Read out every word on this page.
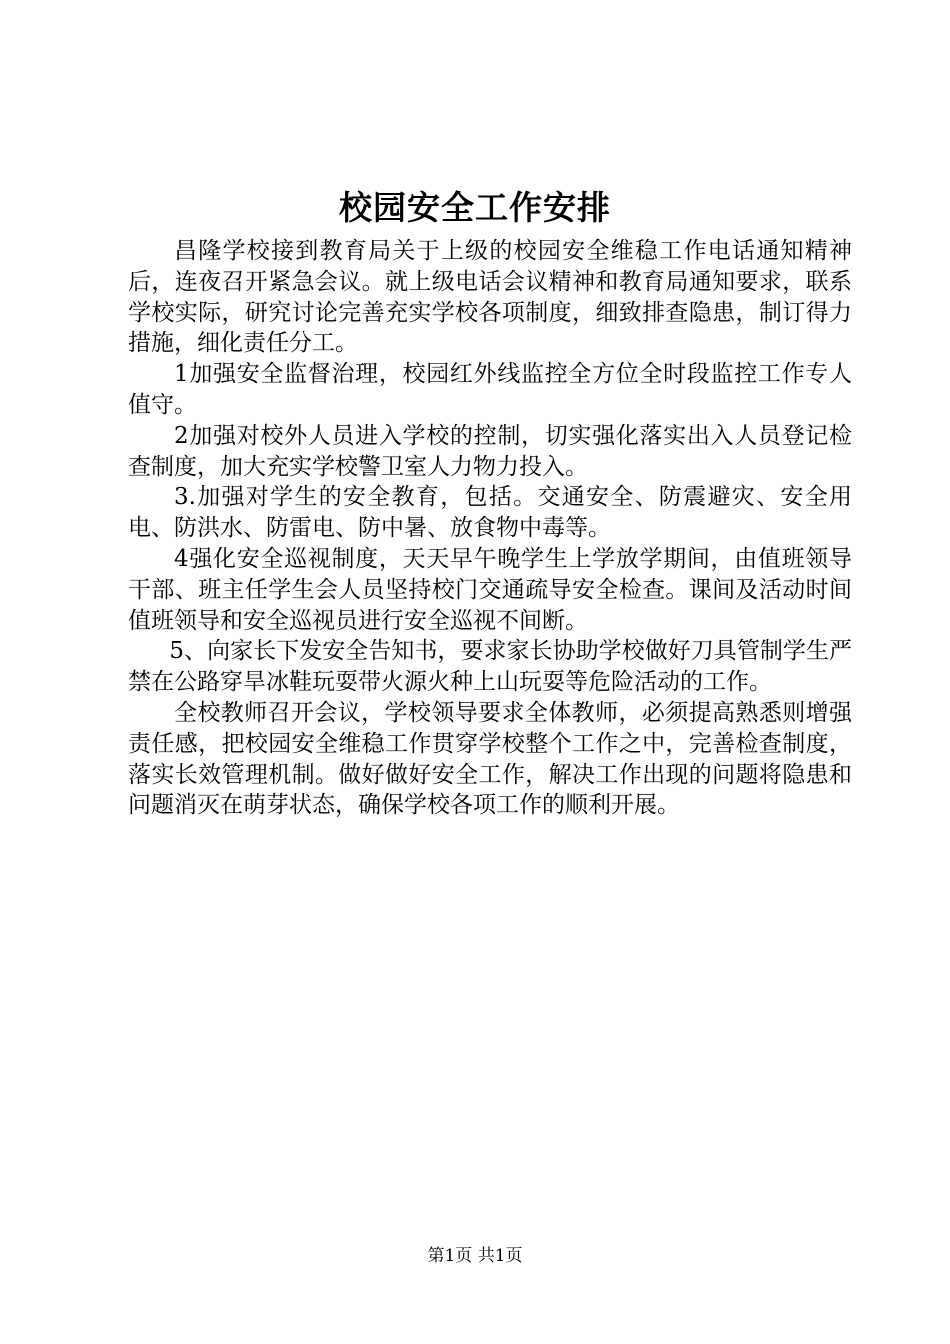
校园安全工作安排

昌隆学校接到教育局关于上级的校园安全维稳工作电话通知精神后，连夜召开紧急会议。就上级电话会议精神和教育局通知要求，联系学校实际，研究讨论完善充实学校各项制度，细致排查隐患，制订得力措施，细化责任分工。

1加强安全监督治理，校园红外线监控全方位全时段监控工作专人值守。

2加强对校外人员进入学校的控制，切实强化落实出入人员登记检查制度，加大充实学校警卫室人力物力投入。

3.加强对学生的安全教育，包括。交通安全、防震避灾、安全用电、防洪水、防雷电、防中暑、放食物中毒等。

4强化安全巡视制度，天天早午晚学生上学放学期间，由值班领导干部、班主任学生会人员坚持校门交通疏导安全检查。课间及活动时间值班领导和安全巡视员进行安全巡视不间断。

5、向家长下发安全告知书，要求家长协助学校做好刀具管制学生严禁在公路穿旱冰鞋玩耍带火源火种上山玩耍等危险活动的工作。

全校教师召开会议，学校领导要求全体教师，必须提高熟悉则增强责任感，把校园安全维稳工作贯穿学校整个工作之中，完善检查制度，落实长效管理机制。做好做好安全工作，解决工作出现的问题将隐患和问题消灭在萌芽状态，确保学校各项工作的顺利开展。

第1页 共1页
